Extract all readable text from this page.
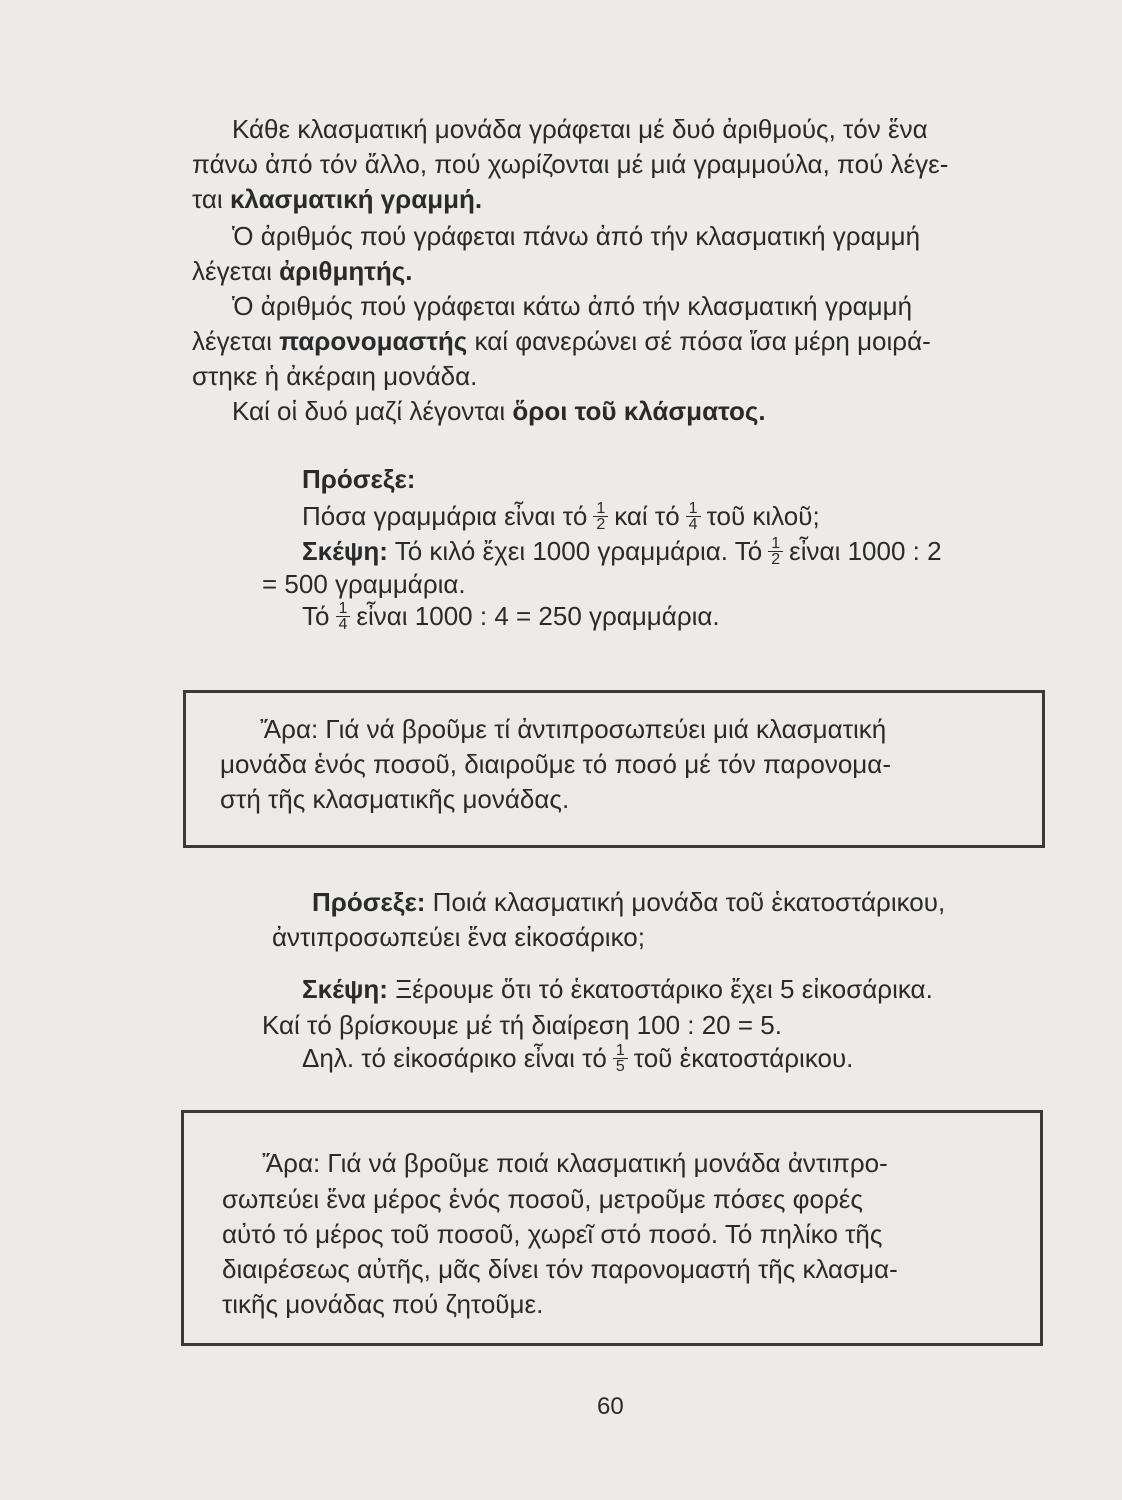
Κάθε κλασματική μονάδα γράφεται μέ δυό ἀριθμούς, τόν ἕνα
πάνω ἀπό τόν ἄλλο, πού χωρίζονται μέ μιά γραμμούλα, πού λέγε-
ται κλασματική γραμμή.
Ὁ ἀριθμός πού γράφεται πάνω ἀπό τήν κλασματική γραμμή
λέγεται ἀριθμητής.
Ὁ ἀριθμός πού γράφεται κάτω ἀπό τήν κλασματική γραμμή
λέγεται παρονομαστής καί φανερώνει σέ πόσα ἴσα μέρη μοιρά-
στηκε ἡ ἀκέραιη μονάδα.
Καί οἱ δυό μαζί λέγονται ὅροι τοῦ κλάσματος.
Πρόσεξε:
Πόσα γραμμάρια εἶναι τό $\frac{1}{2}$ καί τό $\frac{1}{4}$ τοῦ κιλοῦ;
Σκέψη: Τό κιλό ἔχει 1000 γραμμάρια. Τό $\frac{1}{2}$ εἶναι 1000 : 2
= 500 γραμμάρια.
Τό $\frac{1}{4}$ εἶναι 1000 : 4 = 250 γραμμάρια.
Ἄρα: Γιά νά βροῦμε τί ἀντιπροσωπεύει μιά κλασματική
μονάδα ἑνός ποσοῦ, διαιροῦμε τό ποσό μέ τόν παρονομα-
στή τῆς κλασματικῆς μονάδας.
Πρόσεξε: Ποιά κλασματική μονάδα τοῦ ἑκατοστάρικου,
ἀντιπροσωπεύει ἕνα εἰκοσάρικο;
Σκέψη: Ξέρουμε ὅτι τό ἑκατοστάρικο ἔχει 5 εἰκοσάρικα.
Καί τό βρίσκουμε μέ τή διαίρεση 100 : 20 = 5.
Δηλ. τό εἰκοσάρικο εἶναι τό $\frac{1}{5}$ τοῦ ἑκατοστάρικου.
Ἄρα: Γιά νά βροῦμε ποιά κλασματική μονάδα ἀντιπρο-
σωπεύει ἕνα μέρος ἑνός ποσοῦ, μετροῦμε πόσες φορές
αὐτό τό μέρος τοῦ ποσοῦ, χωρεῖ στό ποσό. Τό πηλίκο τῆς
διαιρέσεως αὐτῆς, μᾶς δίνει τόν παρονομαστή τῆς κλασμα-
τικῆς μονάδας πού ζητοῦμε.
60
